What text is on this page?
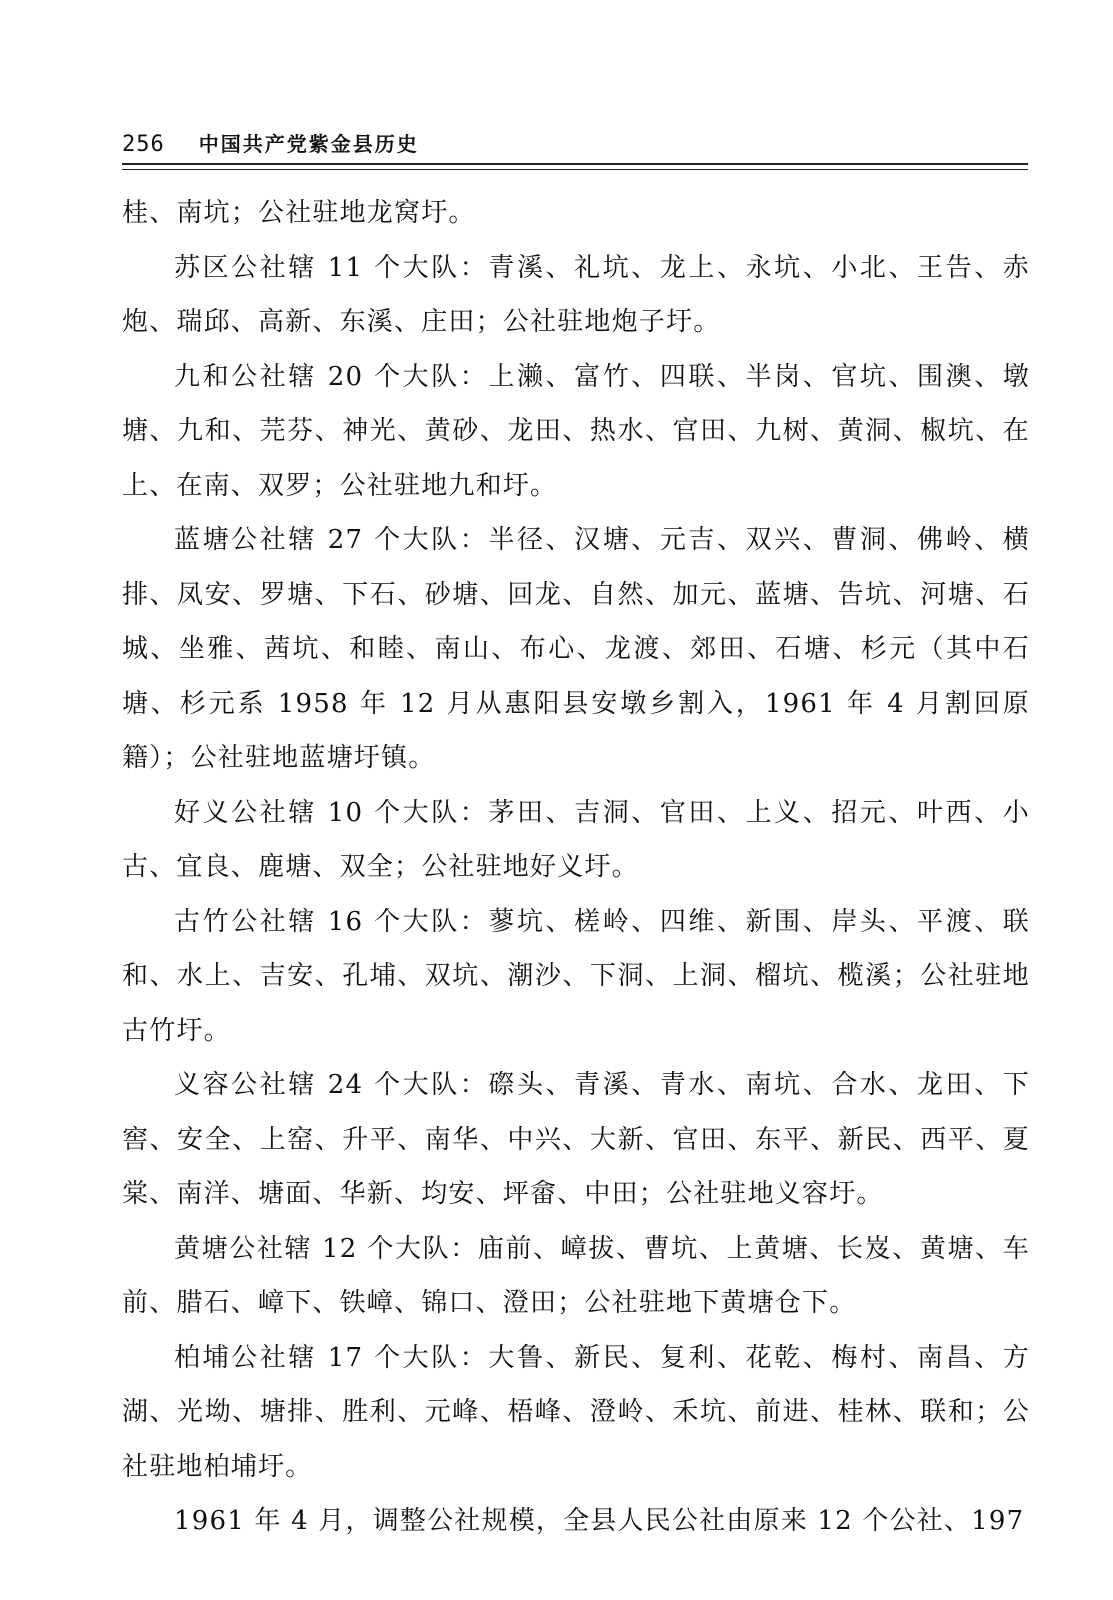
256 中国共产党紫金县历史

桂、南坑；公社驻地龙窝圩。

苏区公社辖 11 个大队：青溪、礼坑、龙上、永坑、小北、王告、赤炮、瑞邱、高新、东溪、庄田；公社驻地炮子圩。

九和公社辖 20 个大队：上濑、富竹、四联、半岗、官坑、围澳、墩塘、九和、芫芬、神光、黄砂、龙田、热水、官田、九树、黄洞、椒坑、在上、在南、双罗；公社驻地九和圩。

蓝塘公社辖 27 个大队：半径、汉塘、元吉、双兴、曹洞、佛岭、横排、凤安、罗塘、下石、砂塘、回龙、自然、加元、蓝塘、告坑、河塘、石城、坐雅、茜坑、和睦、南山、布心、龙渡、郊田、石塘、杉元（其中石塘、杉元系 1958 年 12 月从惠阳县安墩乡割入，1961 年 4 月割回原籍）；公社驻地蓝塘圩镇。

好义公社辖 10 个大队：茅田、吉洞、官田、上义、招元、叶西、小古、宜良、鹿塘、双全；公社驻地好义圩。

古竹公社辖 16 个大队：蓼坑、槎岭、四维、新围、岸头、平渡、联和、水上、吉安、孔埔、双坑、潮沙、下洞、上洞、榴坑、榄溪；公社驻地古竹圩。

义容公社辖 24 个大队：磜头、青溪、青水、南坑、合水、龙田、下窖、安全、上窑、升平、南华、中兴、大新、官田、东平、新民、西平、夏棠、南洋、塘面、华新、均安、坪畲、中田；公社驻地义容圩。

黄塘公社辖 12 个大队：庙前、嶂拔、曹坑、上黄塘、长岌、黄塘、车前、腊石、嶂下、铁嶂、锦口、澄田；公社驻地下黄塘仓下。

柏埔公社辖 17 个大队：大鲁、新民、复利、花乾、梅村、南昌、方湖、光坳、塘排、胜利、元峰、梧峰、澄岭、禾坑、前进、桂林、联和；公社驻地柏埔圩。

1961 年 4 月，调整公社规模，全县人民公社由原来 12 个公社、197
